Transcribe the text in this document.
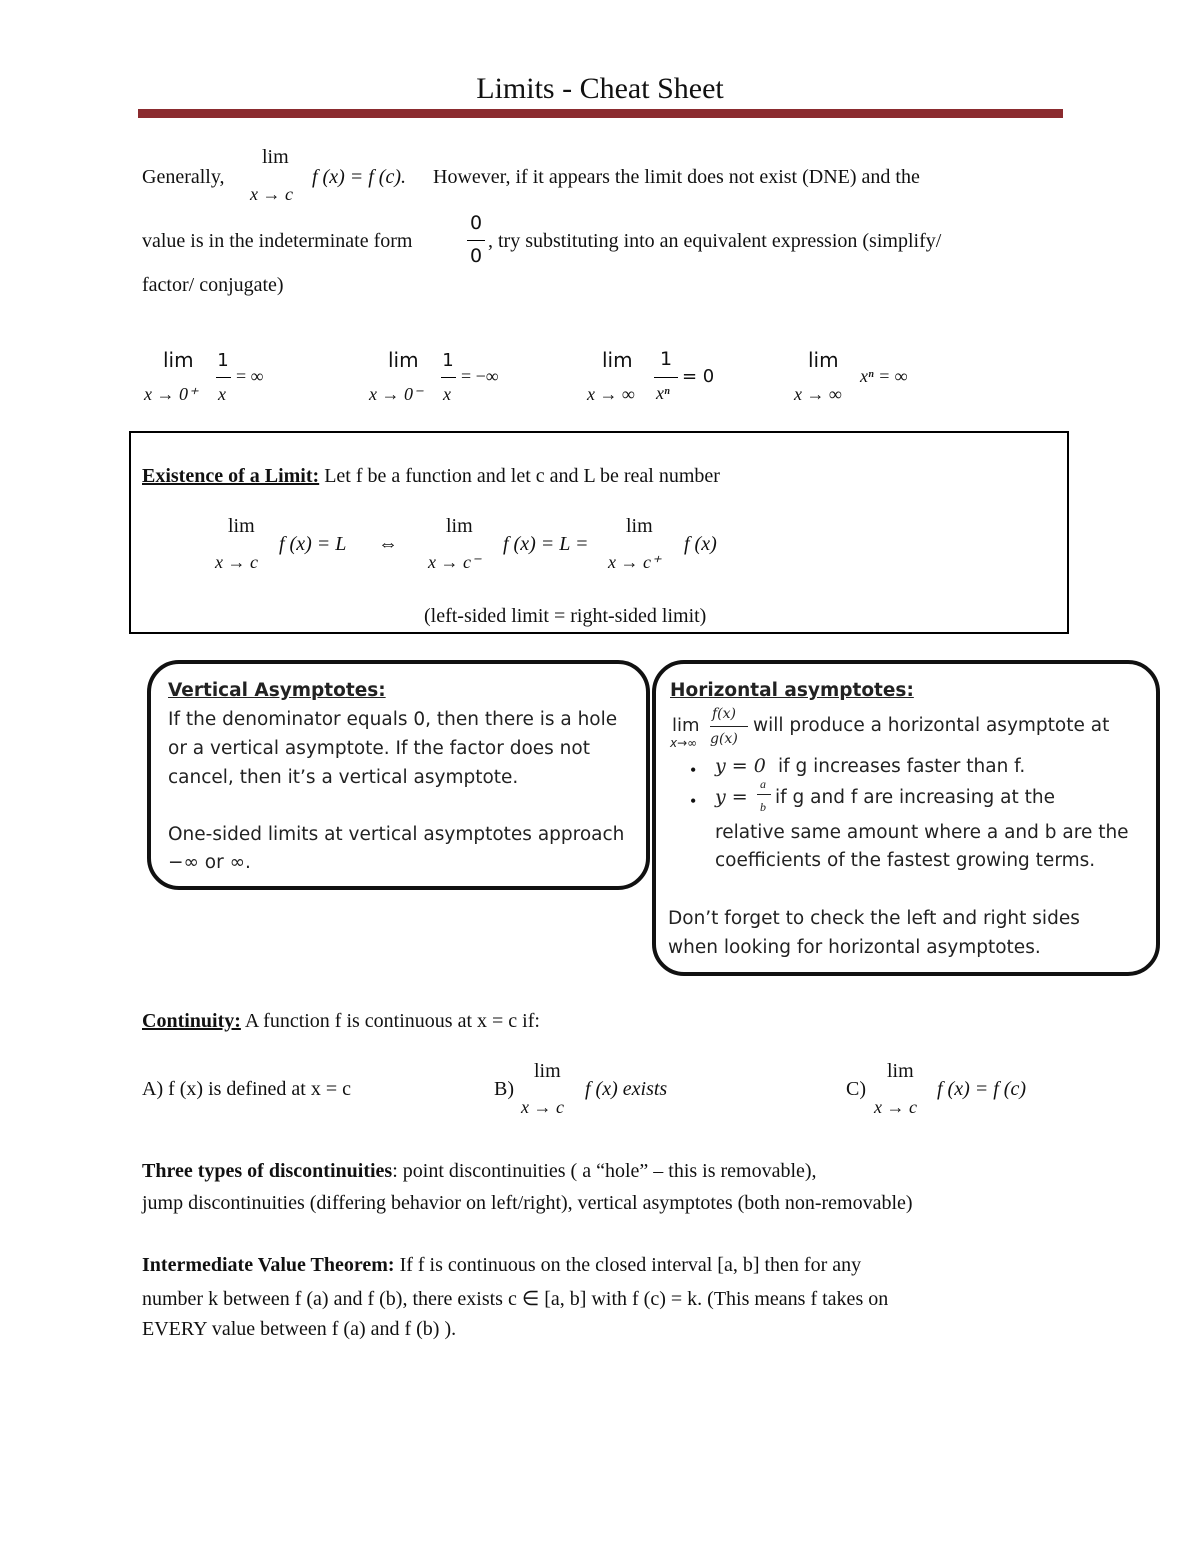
Limits - Cheat Sheet
Generally,
lim
x → c
f (x) = f (c). However, if it appears the limit does not exist (DNE) and the
value is in the indeterminate form
0
0
, try substituting into an equivalent expression (simplify/
factor/ conjugate)
lim
x → 0⁺
1
x
= ∞
lim
x → 0⁻
1
x
= −∞
lim
x → ∞
1
xⁿ
= 0
lim
x → ∞
xⁿ = ∞
Existence of a Limit: Let f be a function and let c and L be real number
lim
x → c
f (x) = L ⇔
lim
x → c⁻
f (x) = L =
lim
x → c⁺
f (x)
(left-sided limit = right-sided limit)
Vertical Asymptotes:
If the denominator equals 0, then there is a hole
or a vertical asymptote. If the factor does not
cancel, then it’s a vertical asymptote.
One-sided limits at vertical asymptotes approach
−∞ or ∞.
Horizontal asymptotes:
lim
x→∞
f(x)
g(x)
will produce a horizontal asymptote at
• y = 0 if g increases faster than f.
• y =
a
b if g and f are increasing at the
relative same amount where a and b are the
coefficients of the fastest growing terms.
Don’t forget to check the left and right sides
when looking for horizontal asymptotes.
Continuity: A function f is continuous at x = c if:
A) f (x) is defined at x = c	B)
lim
x → c
f (x) exists	C)
lim
x → c
f (x) = f (c)
Three types of discontinuities: point discontinuities ( a “hole” – this is removable),
jump discontinuities (differing behavior on left/right), vertical asymptotes (both non-removable)
Intermediate Value Theorem: If f is continuous on the closed interval [a, b] then for any
number k between f (a) and f (b), there exists c ∈ [a, b] with f (c) = k. (This means f takes on
EVERY value between f (a) and f (b) ).
